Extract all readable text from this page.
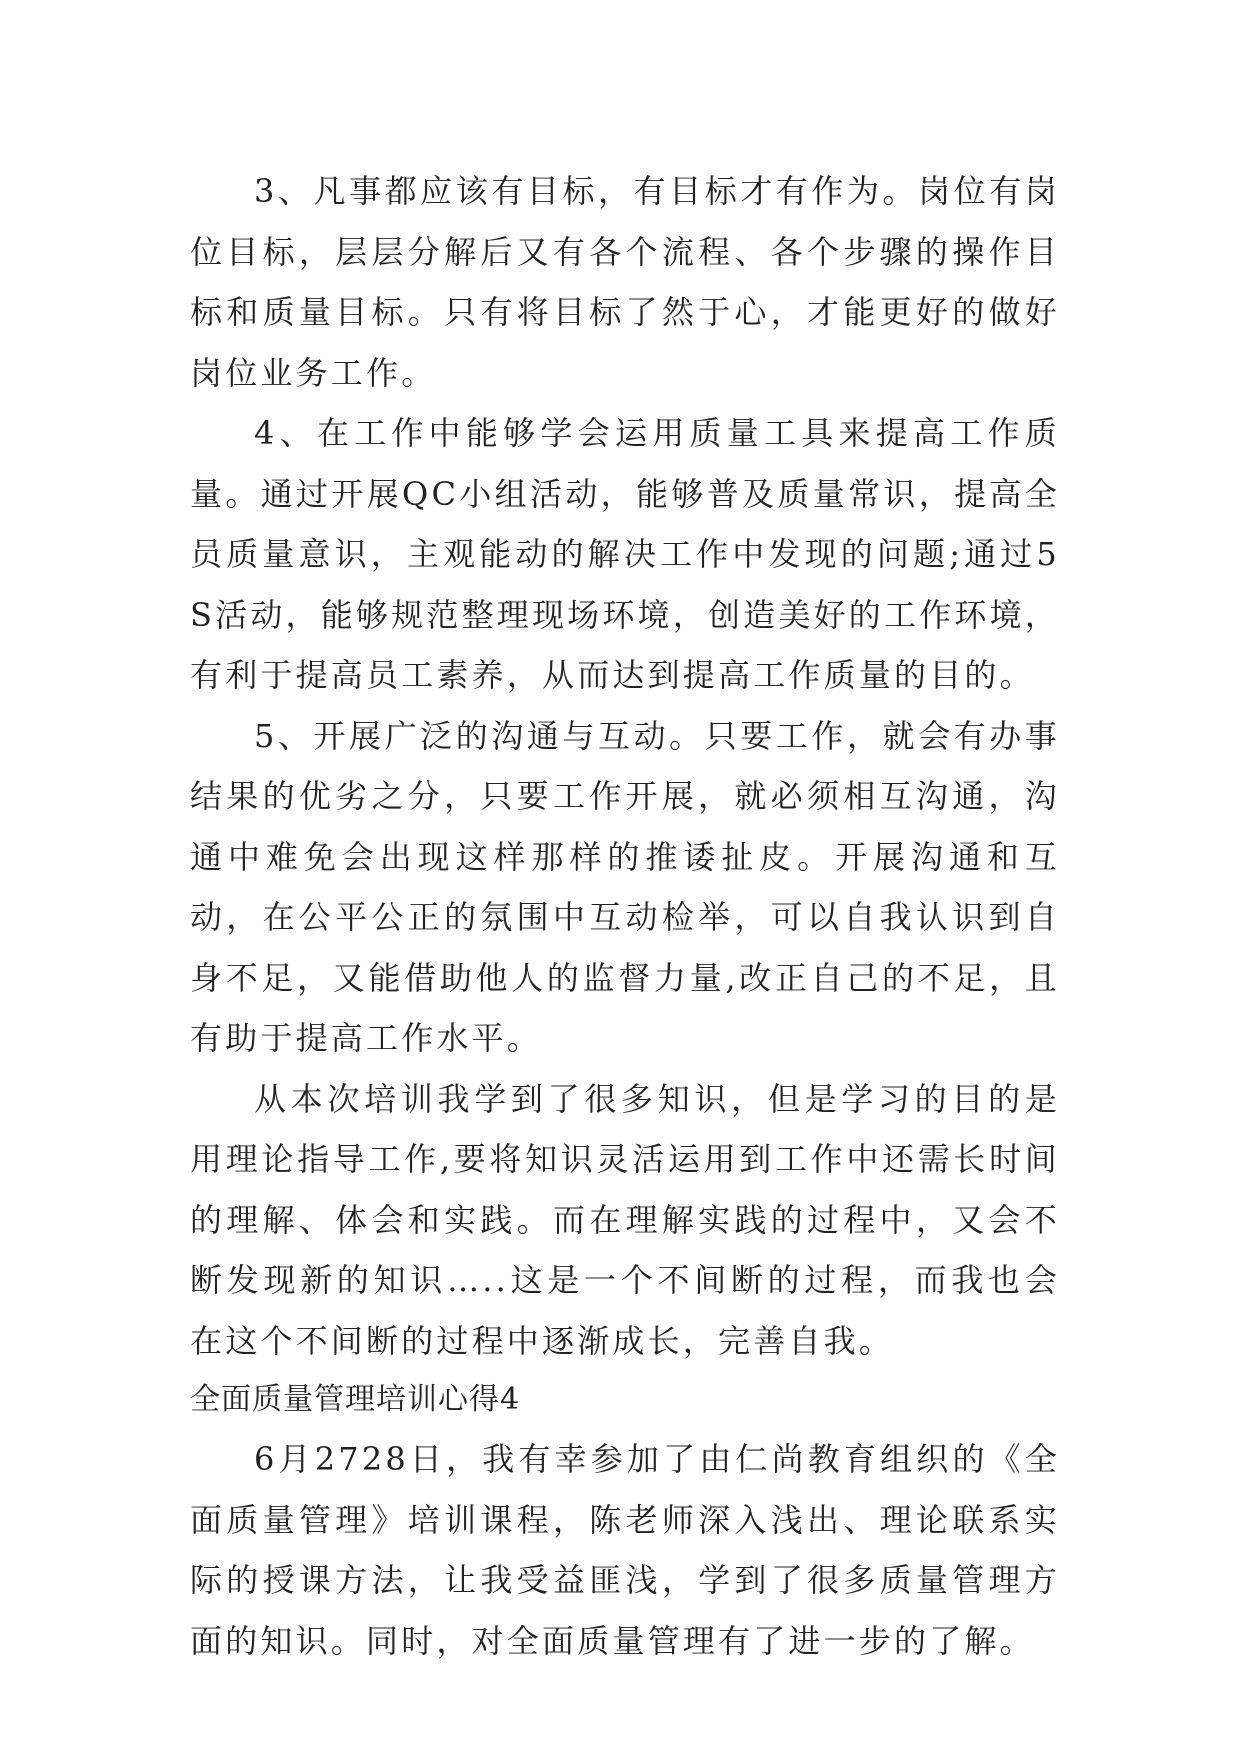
3、凡事都应该有目标，有目标才有作为。岗位有岗位目标，层层分解后又有各个流程、各个步骤的操作目标和质量目标。只有将目标了然于心，才能更好的做好岗位业务工作。

4、在工作中能够学会运用质量工具来提高工作质量。通过开展QC小组活动，能够普及质量常识，提高全员质量意识，主观能动的解决工作中发现的问题;通过5S活动，能够规范整理现场环境，创造美好的工作环境，有利于提高员工素养，从而达到提高工作质量的目的。

5、开展广泛的沟通与互动。只要工作，就会有办事结果的优劣之分，只要工作开展，就必须相互沟通，沟通中难免会出现这样那样的推诿扯皮。开展沟通和互动，在公平公正的氛围中互动检举，可以自我认识到自身不足，又能借助他人的监督力量,改正自己的不足，且有助于提高工作水平。

从本次培训我学到了很多知识，但是学习的目的是用理论指导工作,要将知识灵活运用到工作中还需长时间的理解、体会和实践。而在理解实践的过程中，又会不断发现新的知识…..这是一个不间断的过程，而我也会在这个不间断的过程中逐渐成长，完善自我。

全面质量管理培训心得4

6月2728日，我有幸参加了由仁尚教育组织的《全面质量管理》培训课程，陈老师深入浅出、理论联系实际的授课方法，让我受益匪浅，学到了很多质量管理方面的知识。同时，对全面质量管理有了进一步的了解。
